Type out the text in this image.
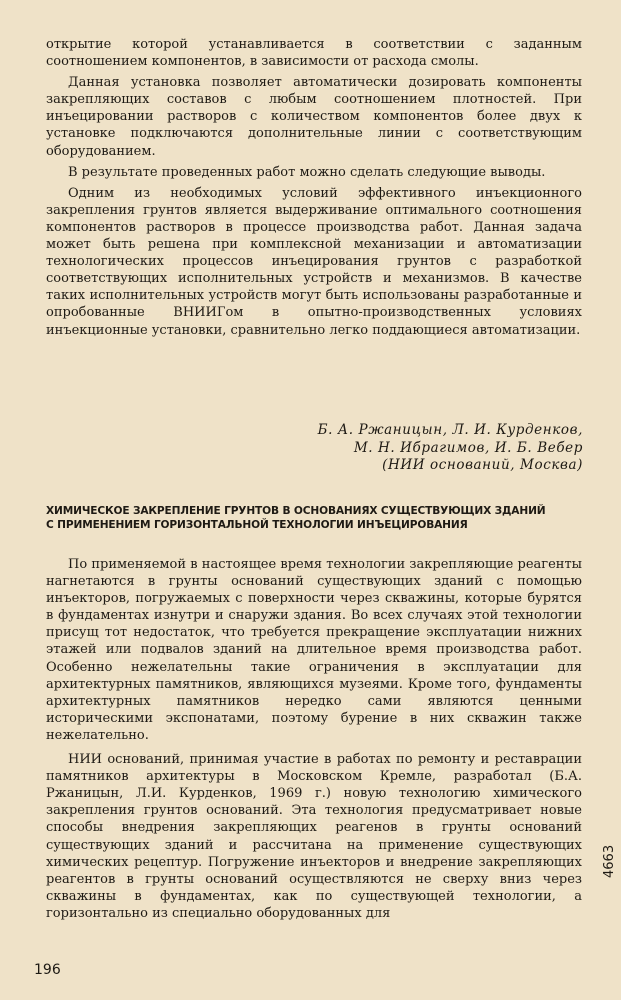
открытие которой устанавливается в соответствии с заданным соотношением компонентов, в зависимости от расхода смолы.

Данная установка позволяет автоматически дозировать компоненты закрепляющих составов с любым соотношением плотностей. При инъецировании растворов с количеством компонентов более двух к установке подключаются дополнительные линии с соответствующим оборудованием.

В результате проведенных работ можно сделать следующие выводы.

Одним из необходимых условий эффективного инъекционного закрепления грунтов является выдерживание оптимального соотношения компонентов растворов в процессе производства работ. Данная задача может быть решена при комплексной механизации и автоматизации технологических процессов инъецирования грунтов с разработкой соответствующих исполнительных устройств и механизмов. В качестве таких исполнительных устройств могут быть использованы разработанные и опробованные ВНИИГом в опытно-производственных условиях инъекционные установки, сравнительно легко поддающиеся автоматизации.

Б. А. Ржаницын, Л. И. Курденков,
М. Н. Ибрагимов, И. Б. Вебер
(НИИ оснований, Москва)
ХИМИЧЕСКОЕ ЗАКРЕПЛЕНИЕ ГРУНТОВ В ОСНОВАНИЯХ СУЩЕСТВУЮЩИХ ЗДАНИЙ
С ПРИМЕНЕНИЕМ ГОРИЗОНТАЛЬНОЙ ТЕХНОЛОГИИ ИНЪЕЦИРОВАНИЯ

По применяемой в настоящее время технологии закрепляющие реагенты нагнетаются в грунты оснований существующих зданий с помощью инъекторов, погружаемых с поверхности через скважины, которые бурятся в фундаментах изнутри и снаружи здания. Во всех случаях этой технологии присущ тот недостаток, что требуется прекращение эксплуатации нижних этажей или подвалов зданий на длительное время производства работ. Особенно нежелательны такие ограничения в эксплуатации для архитектурных памятников, являющихся музеями. Кроме того, фундаменты архитектурных памятников нередко сами являются ценными историческими экспонатами, поэтому бурение в них скважин также нежелательно.

НИИ оснований, принимая участие в работах по ремонту и реставрации памятников архитектуры в Московском Кремле, разработал (Б.А. Ржаницын, Л.И. Курденков, 1969 г.) новую технологию химического закрепления грунтов оснований. Эта технология предусматривает новые способы внедрения закрепляющих реагенов в грунты оснований существующих зданий и рассчитана на применение существующих химических рецептур. Погружение инъекторов и внедрение закрепляющих реагентов в грунты оснований осуществляются не сверху вниз через скважины в фундаментах, как по существующей технологии, а горизонтально из специально оборудованных для

196
4663
